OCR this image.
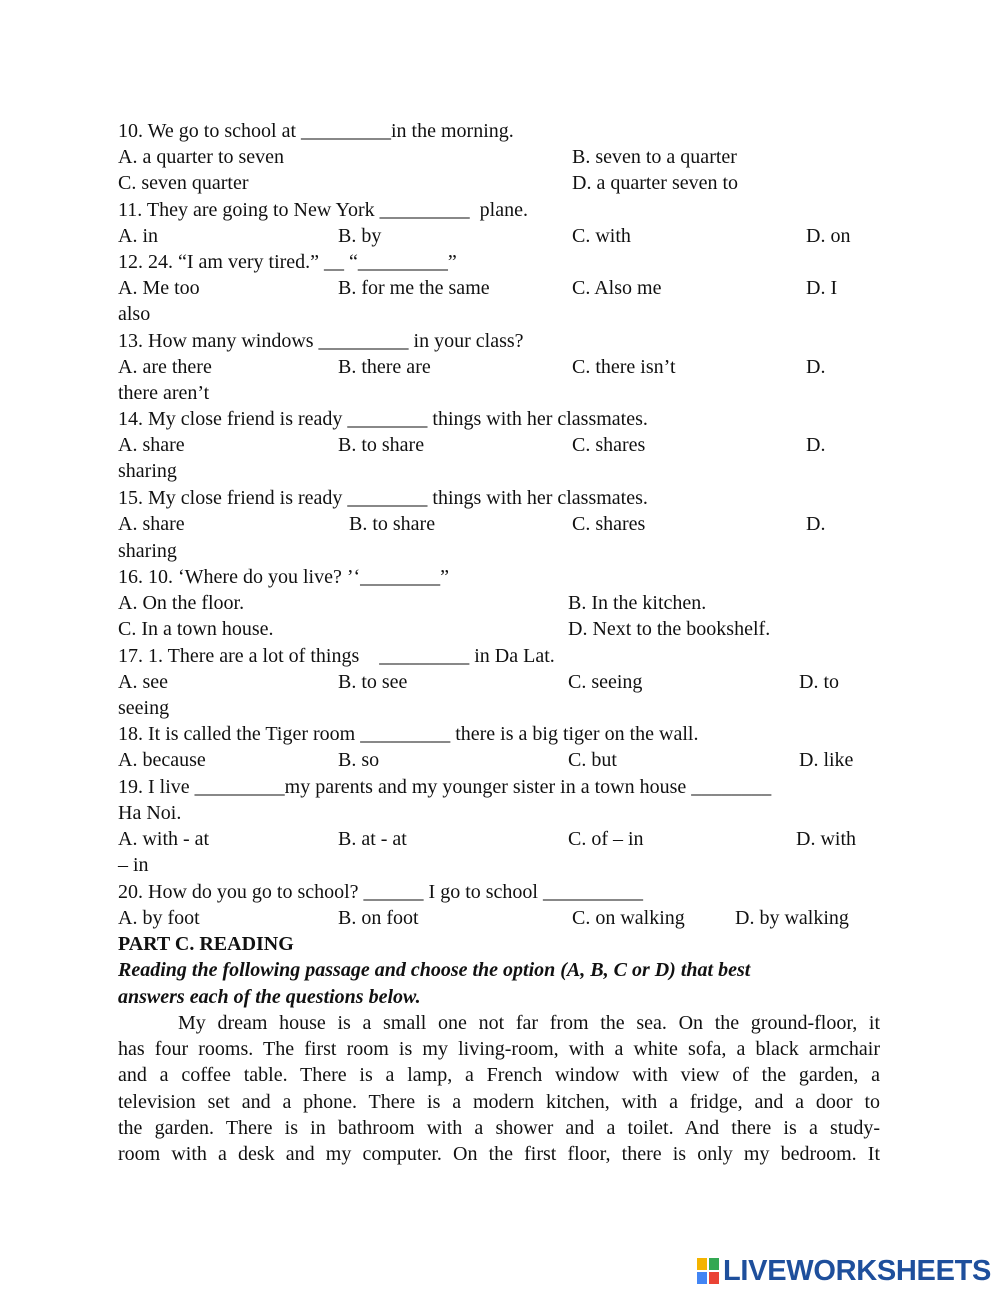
10. We go to school at _________in the morning.

A. a quarter to seven

	B. seven to a quarter

C. seven quarter

	D. a quarter seven to

11. They are going to New York _________  plane.

A. in

	B. by

	C. with

	D. on

12. 24. “I am very tired.” __ “_________”

A. Me too

	B. for me the same

	C. Also me

	D. I

also
13. How many windows _________ in your class?

A. are there

	B. there are

	C. there isn’t

	D.

there aren’t
14. My close friend is ready ________ things with her classmates.

A. share

	B. to share

	C. shares

	D.

sharing
15. My close friend is ready ________ things with her classmates.

A. share

	B. to share

	C. shares

	D.

sharing
16. 10. ‘Where do you live? ’‘________”

A. On the floor.

	B. In the kitchen.

C. In a town house.

	D. Next to the bookshelf.

17. 1. There are a lot of things    _________ in Da Lat.

A. see

	B. to see

	C. seeing

	D. to

seeing
18. It is called the Tiger room _________ there is a big tiger on the wall.

A. because

	B. so

	C. but

	D. like

19. I live _________my parents and my younger sister in a town house ________
Ha Noi.

A. with - at

	B. at - at

	C. of – in

	D. with

– in
20. How do you go to school? ______ I go to school __________

A. by foot

	B. on foot

	C. on walking

	D. by walking

PART C. READING
Reading the following passage and choose the option (A, B, C or D) that best
answers each of the questions below.
My dream house is a small one not far from the sea. On the ground-floor, it
has four rooms. The first room is my living-room, with a white sofa, a black armchair
and a coffee table. There is a lamp, a French window with view of the garden, a
television set and a phone. There is a modern kitchen, with a fridge, and a door to
the garden. There is in bathroom with a shower and a toilet. And there is a study-
room with a desk and my computer. On the first floor, there is only my bedroom. It
LIVEWORKSHEETS
